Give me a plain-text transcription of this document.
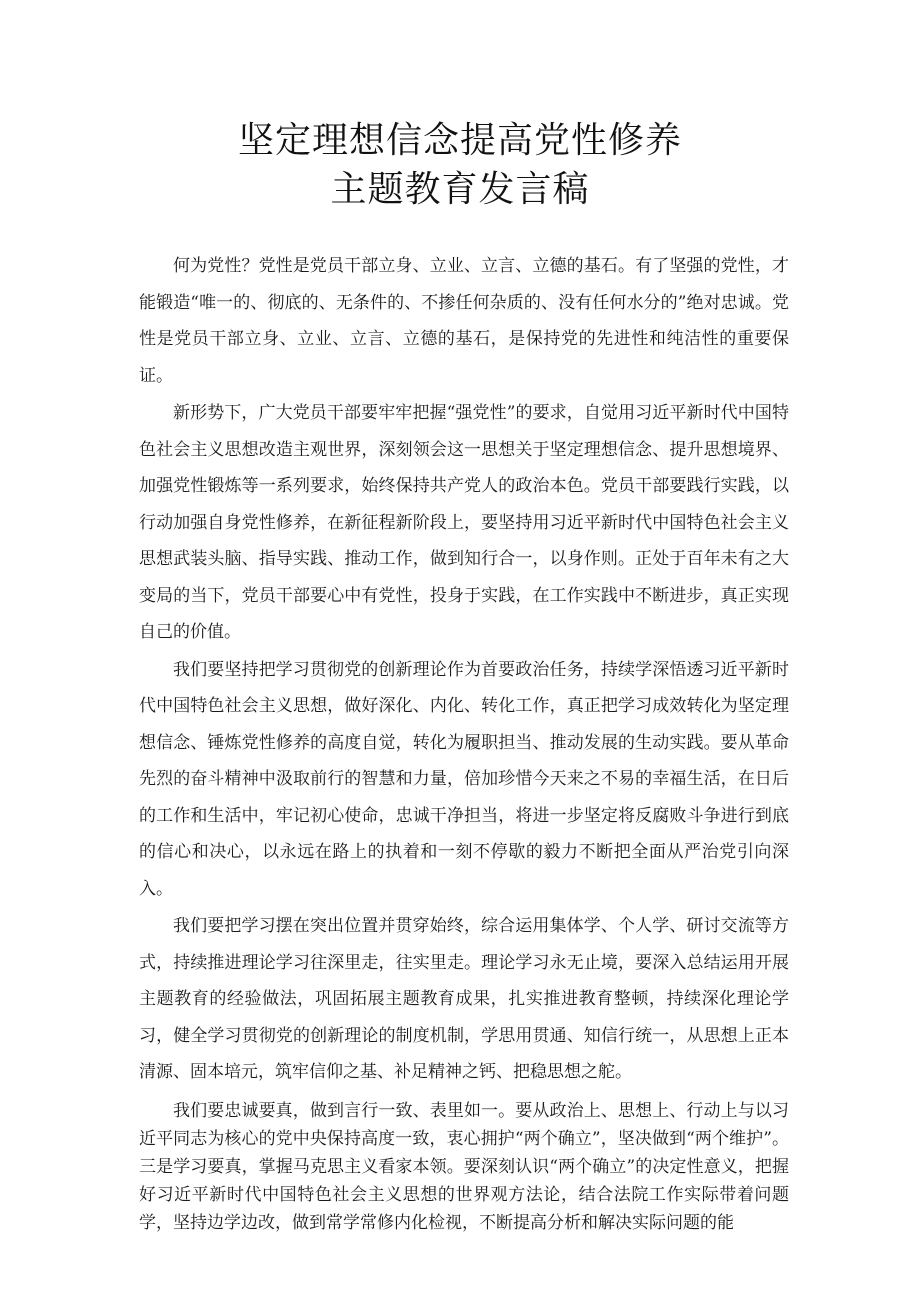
坚定理想信念提高党性修养
主题教育发言稿

何为党性？党性是党员干部立身、立业、立言、立德的基石。有了坚强的党性，才能锻造“唯一的、彻底的、无条件的、不掺任何杂质的、没有任何水分的”绝对忠诚。党性是党员干部立身、立业、立言、立德的基石，是保持党的先进性和纯洁性的重要保证。

新形势下，广大党员干部要牢牢把握“强党性”的要求，自觉用习近平新时代中国特色社会主义思想改造主观世界，深刻领会这一思想关于坚定理想信念、提升思想境界、加强党性锻炼等一系列要求，始终保持共产党人的政治本色。党员干部要践行实践，以行动加强自身党性修养，在新征程新阶段上，要坚持用习近平新时代中国特色社会主义思想武装头脑、指导实践、推动工作，做到知行合一，以身作则。正处于百年未有之大变局的当下，党员干部要心中有党性，投身于实践，在工作实践中不断进步，真正实现自己的价值。

我们要坚持把学习贯彻党的创新理论作为首要政治任务，持续学深悟透习近平新时代中国特色社会主义思想，做好深化、内化、转化工作，真正把学习成效转化为坚定理想信念、锤炼党性修养的高度自觉，转化为履职担当、推动发展的生动实践。要从革命先烈的奋斗精神中汲取前行的智慧和力量，倍加珍惜今天来之不易的幸福生活，在日后的工作和生活中，牢记初心使命，忠诚干净担当，将进一步坚定将反腐败斗争进行到底的信心和决心，以永远在路上的执着和一刻不停歇的毅力不断把全面从严治党引向深入。

我们要把学习摆在突出位置并贯穿始终，综合运用集体学、个人学、研讨交流等方式，持续推进理论学习往深里走，往实里走。理论学习永无止境，要深入总结运用开展主题教育的经验做法，巩固拓展主题教育成果，扎实推进教育整顿，持续深化理论学习，健全学习贯彻党的创新理论的制度机制，学思用贯通、知信行统一，从思想上正本清源、固本培元，筑牢信仰之基、补足精神之钙、把稳思想之舵。

我们要忠诚要真，做到言行一致、表里如一。要从政治上、思想上、行动上与以习近平同志为核心的党中央保持高度一致，衷心拥护“两个确立”，坚决做到“两个维护”。三是学习要真，掌握马克思主义看家本领。要深刻认识“两个确立”的决定性意义，把握好习近平新时代中国特色社会主义思想的世界观方法论，结合法院工作实际带着问题学，坚持边学边改，做到常学常修内化检视，不断提高分析和解决实际问题的能
